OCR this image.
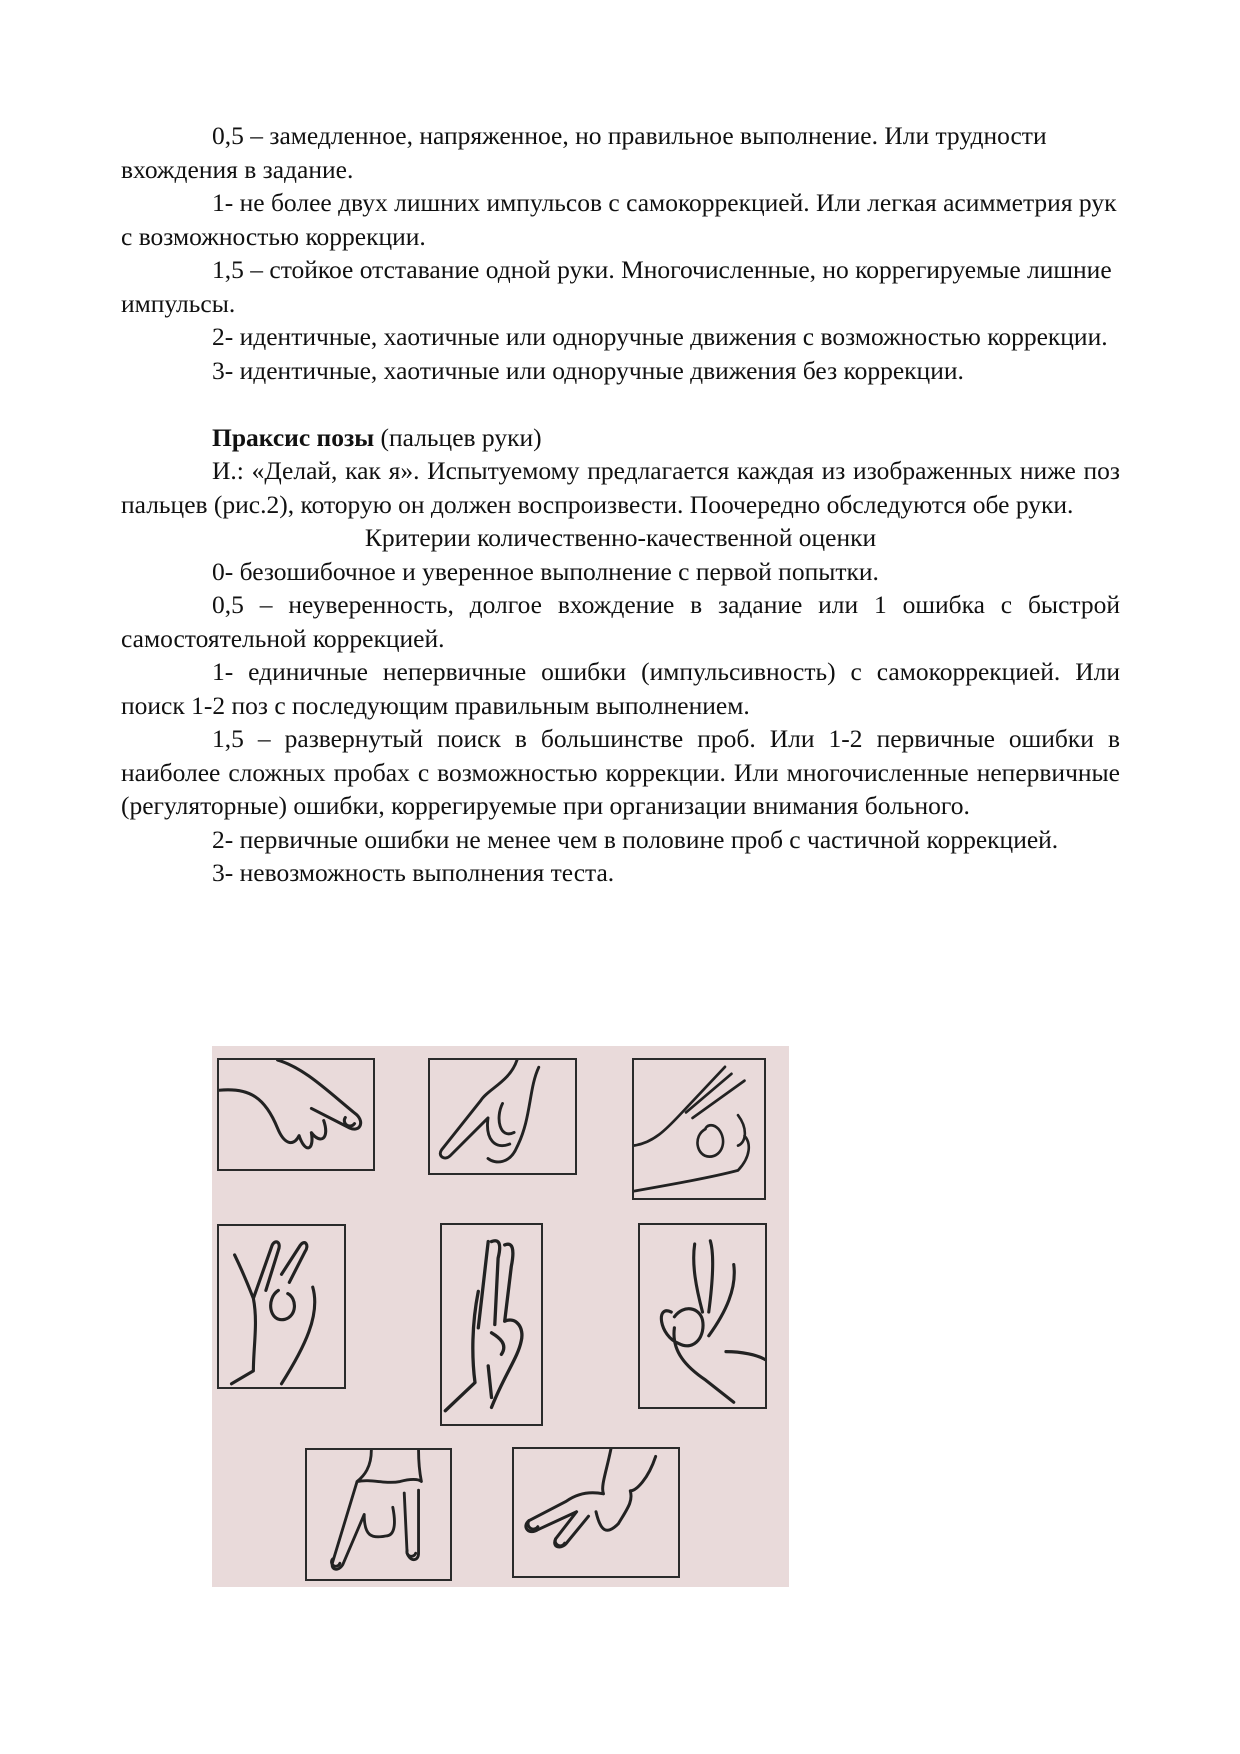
0,5 – замедленное, напряженное, но правильное выполнение. Или трудности вхождения в задание.

1- не более двух лишних импульсов с самокоррекцией. Или легкая асимметрия рук с возможностью коррекции.

1,5 – стойкое отставание одной руки. Многочисленные, но коррегируемые лишние импульсы.

2- идентичные, хаотичные или одноручные движения с возможностью коррекции.

3- идентичные, хаотичные или одноручные движения без коррекции.

Праксис позы (пальцев руки)

И.: «Делай, как я». Испытуемому предлагается каждая из изображенных ниже поз пальцев (рис.2), которую он должен воспроизвести. Поочередно обследуются обе руки.

Критерии количественно-качественной оценки

0- безошибочное и уверенное выполнение с первой попытки.

0,5 – неуверенность, долгое вхождение в задание или 1 ошибка с быстрой самостоятельной коррекцией.

1- единичные непервичные ошибки (импульсивность) с самокоррекцией. Или поиск 1-2 поз с последующим правильным выполнением.

1,5 – развернутый поиск в большинстве проб. Или 1-2 первичные ошибки в наиболее сложных пробах с возможностью коррекции. Или многочисленные непервичные (регуляторные) ошибки, коррегируемые при организации внимания больного.

2- первичные ошибки не менее чем в половине проб с частичной коррекцией.

3- невозможность выполнения теста.
